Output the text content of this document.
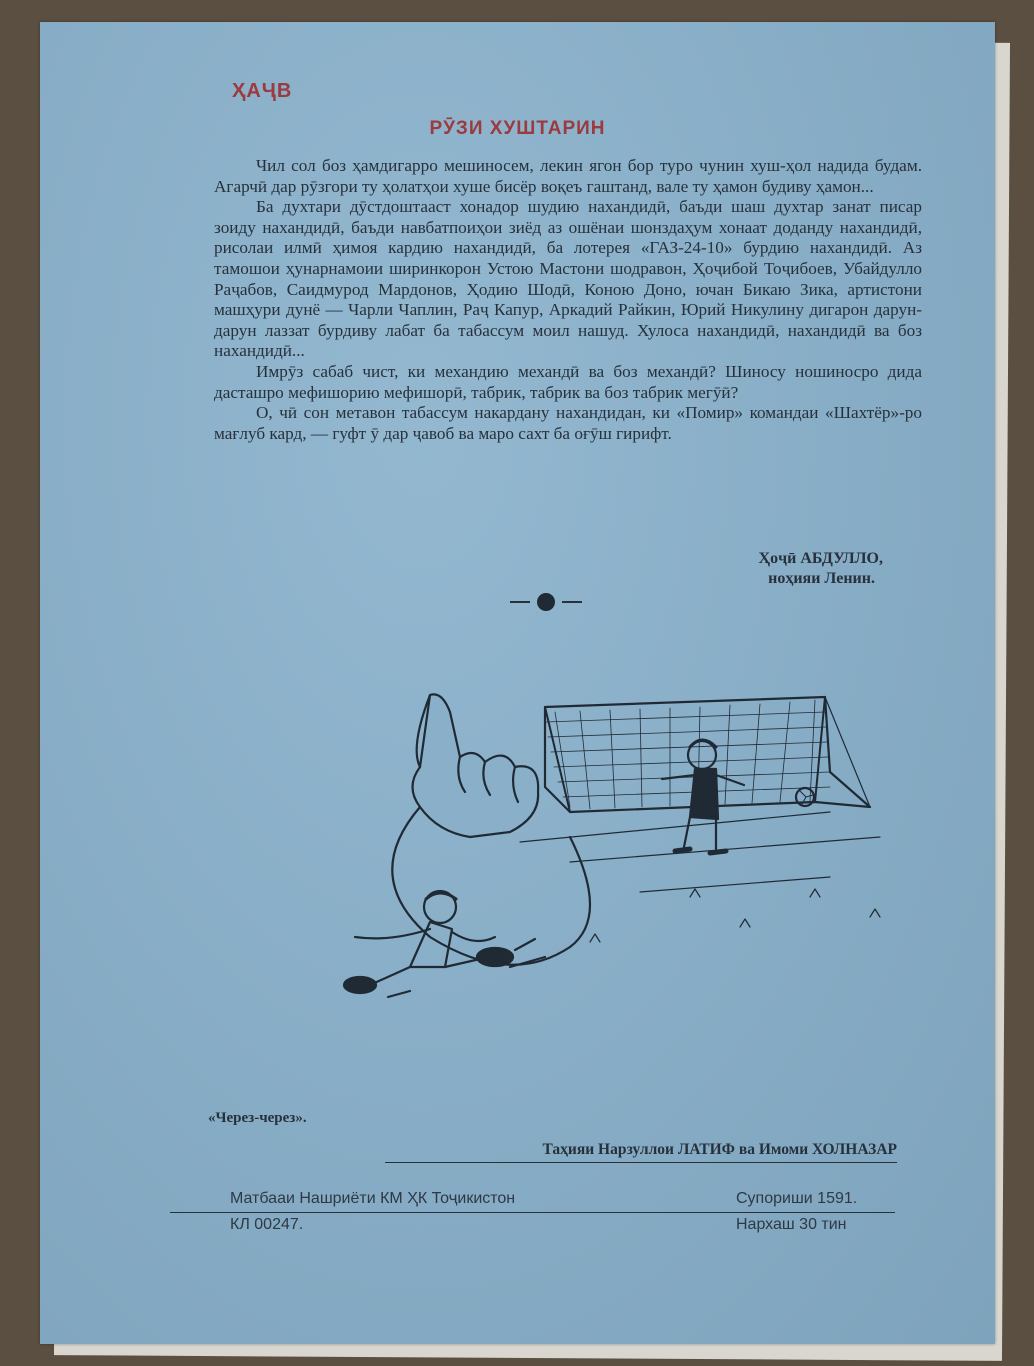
ҲАҶВ
РӮЗИ ХУШТАРИН

Чил сол боз ҳамдигарро мешиносем, лекин ягон бор туро чунин хуш-ҳол надида будам. Агарчӣ дар рӯзгори ту ҳолатҳои хуше бисёр воқеъ гаштанд, вале ту ҳамон будиву ҳамон...

Ба духтари дӯстдоштааст хонадор шудию нахандидӣ, баъди шаш духтар занат писар зоиду нахандидӣ, баъди навбатпоиҳои зиёд аз ошёнаи шонздаҳум хонаат доданду нахандидӣ, рисолаи илмӣ ҳимоя кардию нахандидӣ, ба лотерея «ГАЗ-24-10» бурдию нахандидӣ. Аз тамошои ҳунарнамоии ширинкорон Устою Мастони шодравон, Ҳоҷибой Тоҷибоев, Убайдулло Раҷабов, Саидмурод Мардонов, Ҳодию Шодӣ, Коною Доно, ючан Бикаю Зика, артистони машҳури дунё — Чарли Чаплин, Раҷ Капур, Аркадий Райкин, Юрий Никулину дигарон дарун-дарун лаззат бурдиву лабат ба табассум моил нашуд. Хулоса нахандидӣ, нахандидӣ ва боз нахандидӣ...

Имрӯз сабаб чист, ки механдию механдӣ ва боз механдӣ? Шиносу ношиносро дида дасташро мефишорию мефишорӣ, табрик, табрик ва боз табрик мегӯӣ?

О, чӣ сон метавон табассум накардану нахандидан, ки «Помир» командаи «Шахтёр»-ро мағлуб кард, — гуфт ӯ дар ҷавоб ва маро сахт ба оғӯш гирифт.

Ҳоҷӣ АБДУЛЛО,

ноҳияи Ленин.
«Через-через».
Таҳияи Нарзуллои ЛАТИФ ва Имоми ХОЛНАЗАР
Матбааи Нашриёти КМ ҲК Тоҷикистон	Супориши 1591.
КЛ 00247.	Нархаш 30 тин
